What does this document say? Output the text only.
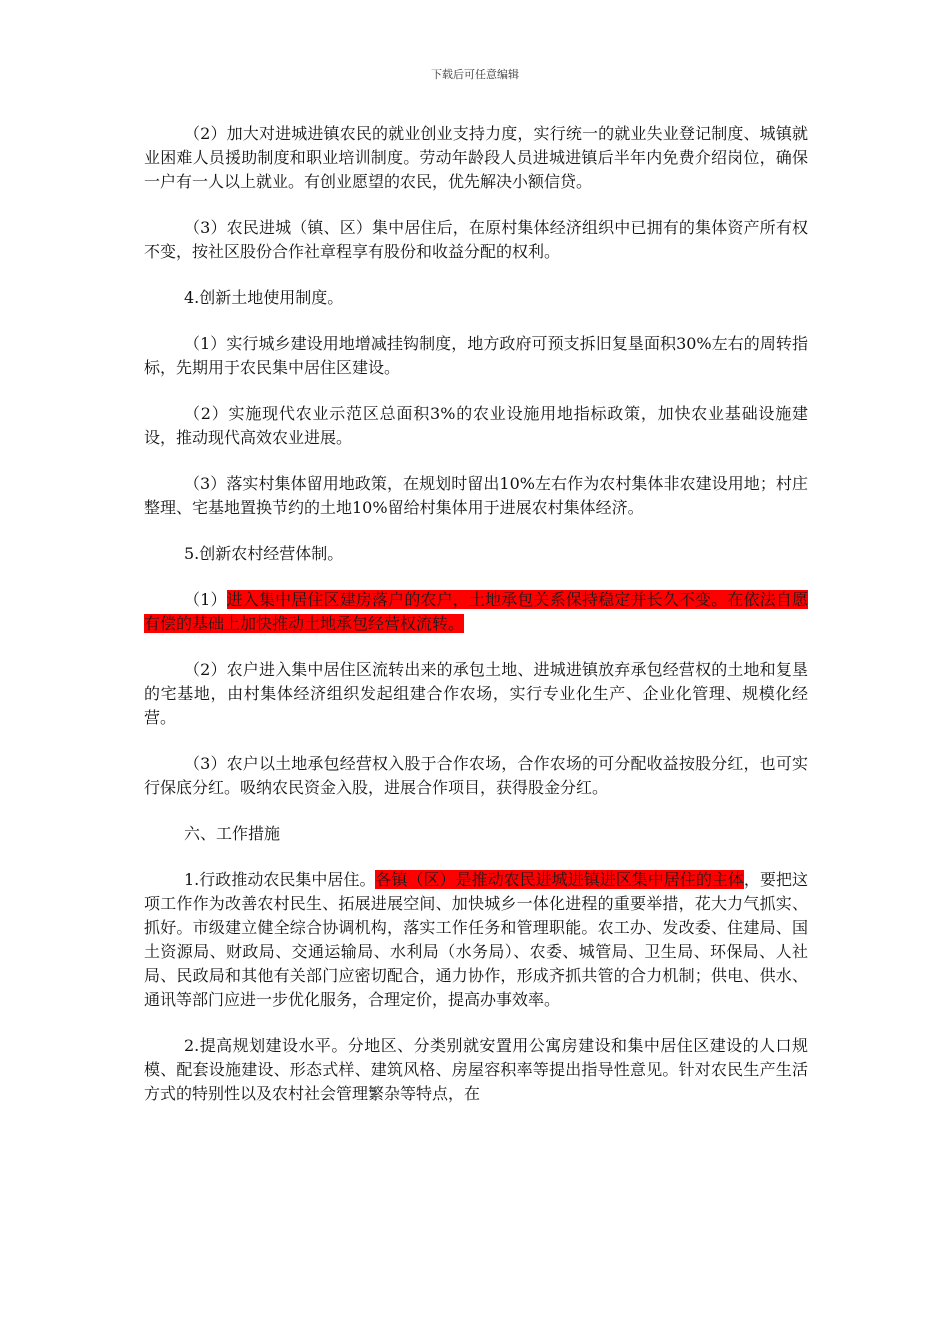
下载后可任意编辑

（2）加大对进城进镇农民的就业创业支持力度，实行统一的就业失业登记制度、城镇就业困难人员援助制度和职业培训制度。劳动年龄段人员进城进镇后半年内免费介绍岗位，确保一户有一人以上就业。有创业愿望的农民，优先解决小额信贷。

（3）农民进城（镇、区）集中居住后，在原村集体经济组织中已拥有的集体资产所有权不变，按社区股份合作社章程享有股份和收益分配的权利。

4.创新土地使用制度。

（1）实行城乡建设用地增减挂钩制度，地方政府可预支拆旧复垦面积30%左右的周转指标，先期用于农民集中居住区建设。

（2）实施现代农业示范区总面积3%的农业设施用地指标政策，加快农业基础设施建设，推动现代高效农业进展。

（3）落实村集体留用地政策，在规划时留出10%左右作为农村集体非农建设用地；村庄整理、宅基地置换节约的土地10%留给村集体用于进展农村集体经济。

5.创新农村经营体制。

（1）进入集中居住区建房落户的农户，土地承包关系保持稳定并长久不变。在依法自愿有偿的基础上加快推动土地承包经营权流转。

（2）农户进入集中居住区流转出来的承包土地、进城进镇放弃承包经营权的土地和复垦的宅基地，由村集体经济组织发起组建合作农场，实行专业化生产、企业化管理、规模化经营。

（3）农户以土地承包经营权入股于合作农场，合作农场的可分配收益按股分红，也可实行保底分红。吸纳农民资金入股，进展合作项目，获得股金分红。

六、工作措施

1.行政推动农民集中居住。各镇（区）是推动农民进城进镇进区集中居住的主体，要把这项工作作为改善农村民生、拓展进展空间、加快城乡一体化进程的重要举措，花大力气抓实、抓好。市级建立健全综合协调机构，落实工作任务和管理职能。农工办、发改委、住建局、国土资源局、财政局、交通运输局、水利局（水务局）、农委、城管局、卫生局、环保局、人社局、民政局和其他有关部门应密切配合，通力协作，形成齐抓共管的合力机制；供电、供水、通讯等部门应进一步优化服务，合理定价，提高办事效率。

2.提高规划建设水平。分地区、分类别就安置用公寓房建设和集中居住区建设的人口规模、配套设施建设、形态式样、建筑风格、房屋容积率等提出指导性意见。针对农民生产生活方式的特别性以及农村社会管理繁杂等特点，在
